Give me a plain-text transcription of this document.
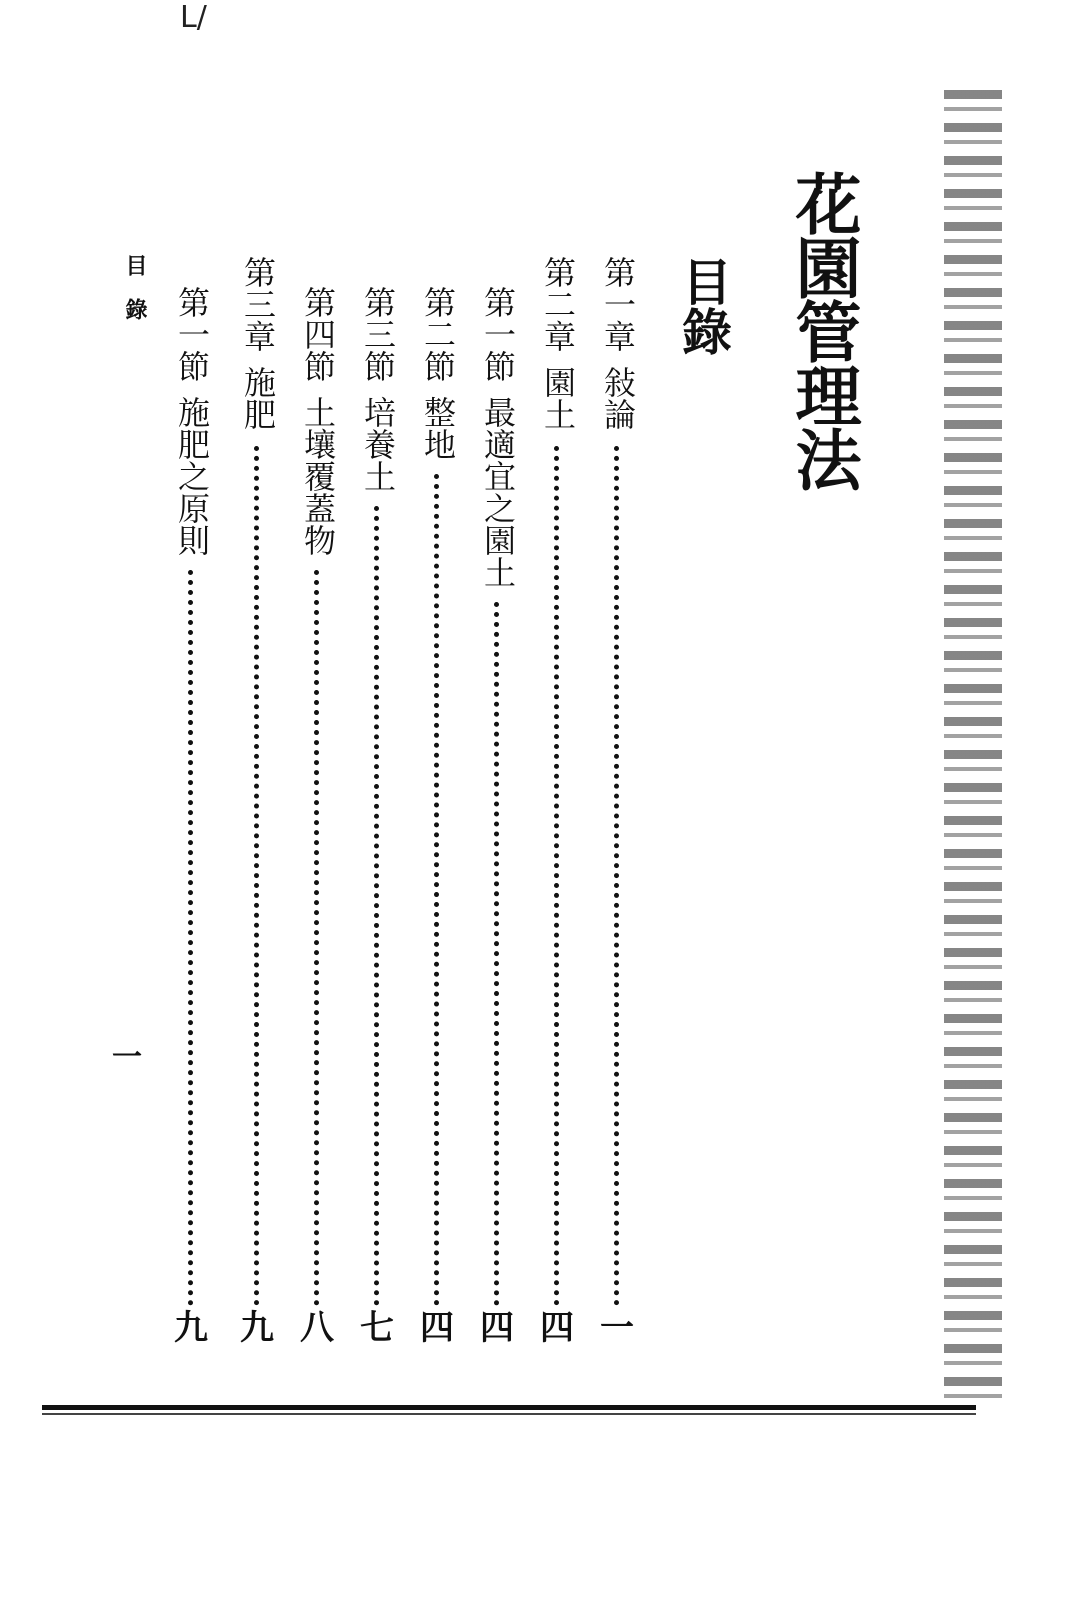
ᒪ/
花園管理法
目錄
第一章敍論
一
第二章園土
四
第一節最適宜之園土
四
第二節整地
四
第三節培養土
七
第四節土壤覆蓋物
八
第三章施肥
九
第一節施肥之原則
九
目錄
一
